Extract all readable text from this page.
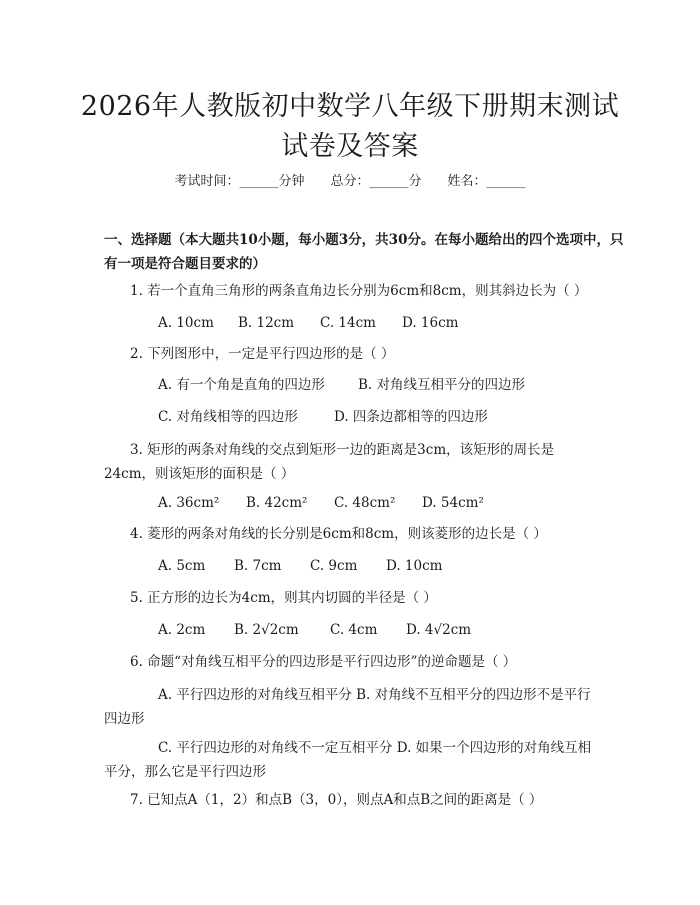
2026年人教版初中数学八年级下册期末测试
试卷及答案
考试时间：______分钟 总分：______分 姓名：______
一、选择题（本大题共10小题，每小题3分，共30分。在每小题给出的四个选项中，只有一项是符合题目要求的）
1. 若一个直角三角形的两条直角边长分别为6cm和8cm，则其斜边长为（ ）
A. 10cm B. 12cm C. 14cm D. 16cm
2. 下列图形中，一定是平行四边形的是（ ）
A. 有一个角是直角的四边形 B. 对角线互相平分的四边形
C. 对角线相等的四边形	D. 四条边都相等的四边形
3. 矩形的两条对角线的交点到矩形一边的距离是3cm，该矩形的周长是24cm，则该矩形的面积是（ ）
A. 36cm² B. 42cm² C. 48cm² D. 54cm²
4. 菱形的两条对角线的长分别是6cm和8cm，则该菱形的边长是（ ）
A. 5cm B. 7cm C. 9cm D. 10cm
5. 正方形的边长为4cm，则其内切圆的半径是（ ）
A. 2cm B. 2√2cm C. 4cm D. 4√2cm
6. 命题“对角线互相平分的四边形是平行四边形”的逆命题是（ ）
A. 平行四边形的对角线互相平分 B. 对角线不互相平分的四边形不是平行四边形
C. 平行四边形的对角线不一定互相平分 D. 如果一个四边形的对角线互相平分，那么它是平行四边形
7. 已知点A（1，2）和点B（3，0），则点A和点B之间的距离是（ ）
